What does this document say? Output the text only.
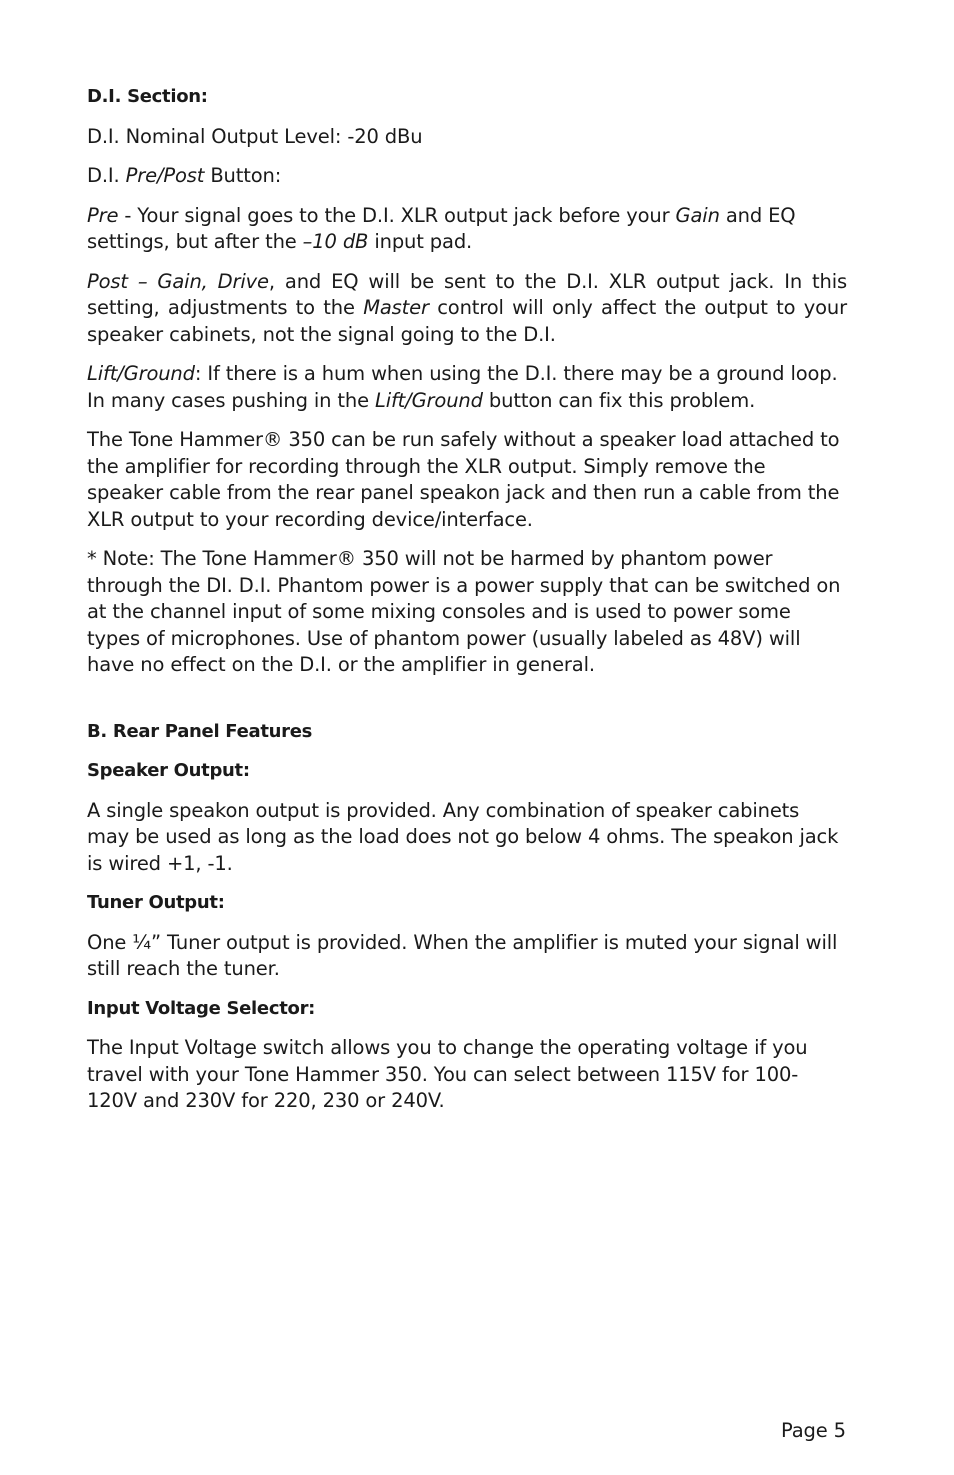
D.I. Section:

D.I. Nominal Output Level: -20 dBu

D.I. Pre/Post Button:

Pre - Your signal goes to the D.I. XLR output jack before your Gain and EQ settings, but after the –10 dB input pad.

Post – Gain, Drive, and EQ will be sent to the D.I. XLR output jack. In this setting, adjustments to the Master control will only affect the output to your speaker cabinets, not the signal going to the D.I.

Lift/Ground: If there is a hum when using the D.I. there may be a ground loop. In many cases pushing in the Lift/Ground button can fix this problem.

The Tone Hammer® 350 can be run safely without a speaker load attached to the amplifier for recording through the XLR output. Simply remove the speaker cable from the rear panel speakon jack and then run a cable from the XLR output to your recording device/interface.

* Note: The Tone Hammer® 350 will not be harmed by phantom power through the DI. D.I. Phantom power is a power supply that can be switched on at the channel input of some mixing consoles and is used to power some types of microphones. Use of phantom power (usually labeled as 48V) will have no effect on the D.I. or the amplifier in general.

B. Rear Panel Features

Speaker Output:

A single speakon output is provided. Any combination of speaker cabinets may be used as long as the load does not go below 4 ohms. The speakon jack is wired +1, -1.

Tuner Output:

One ¼” Tuner output is provided. When the amplifier is muted your signal will still reach the tuner.

Input Voltage Selector:

The Input Voltage switch allows you to change the operating voltage if you travel with your Tone Hammer 350. You can select between 115V for 100-120V and 230V for 220, 230 or 240V.

Page 5
